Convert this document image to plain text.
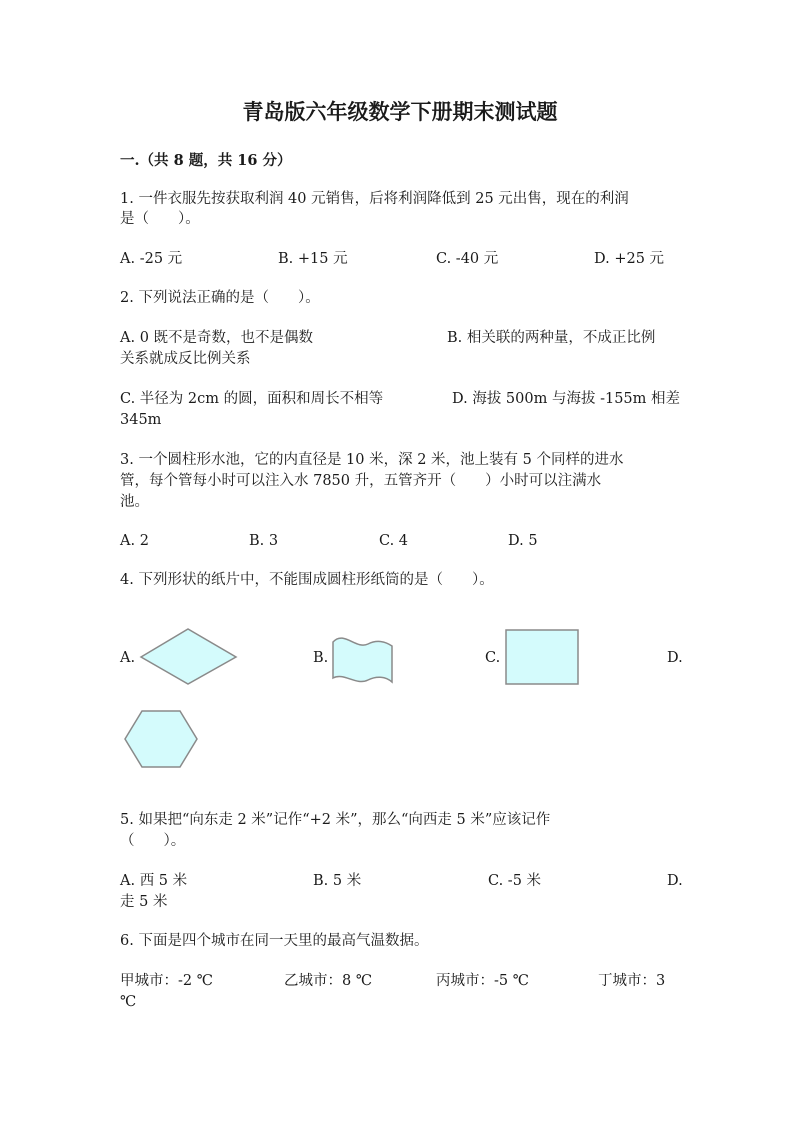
青岛版六年级数学下册期末测试题
一.（共 8 题，共 16 分）
1. 一件衣服先按获取利润 40 元销售，后将利润降低到 25 元出售，现在的利润
是（　　）。
A. -25 元	B. +15 元	C. -40 元	D. +25 元
2. 下列说法正确的是（　　）。
A. 0 既不是奇数，也不是偶数	B. 相关联的两种量，不成正比例
关系就成反比例关系
C. 半径为 2cm 的圆，面积和周长不相等	D. 海拔 500m 与海拔 -155m 相差
345m
3. 一个圆柱形水池，它的内直径是 10 米，深 2 米，池上装有 5 个同样的进水
管，每个管每小时可以注入水 7850 升，五管齐开（　　）小时可以注满水
池。
A. 2	B. 3	C. 4	D. 5
4. 下列形状的纸片中，不能围成圆柱形纸筒的是（　　）。
A.	B.	C.	D.
5. 如果把“向东走 2 米”记作“+2 米”，那么“向西走 5 米”应该记作
（　　）。
A. 西 5 米	B. 5 米	C. -5 米	D.
走 5 米
6. 下面是四个城市在同一天里的最高气温数据。
甲城市：-2 ℃	乙城市：8 ℃	丙城市：-5 ℃	丁城市：3
℃
